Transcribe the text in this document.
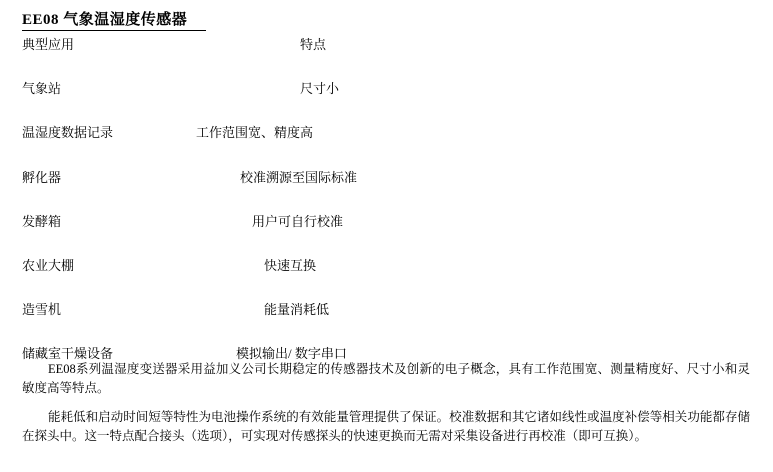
EE08 气象温湿度传感器
典型应用	特点
气象站	尺寸小
温湿度数据记录	工作范围宽、精度高
孵化器	校准溯源至国际标准
发酵箱	用户可自行校准
农业大棚	快速互换
造雪机	能量消耗低
储藏室干燥设备	模拟输出/ 数字串口
EE08系列温湿度变送器采用益加义公司长期稳定的传感器技术及创新的电子概念，具有工作范围宽、测量精度好、尺寸小和灵敏度高等特点。
能耗低和启动时间短等特性为电池操作系统的有效能量管理提供了保证。校准数据和其它诸如线性或温度补偿等相关功能都存储在探头中。这一特点配合接头（选项），可实现对传感探头的快速更换而无需对采集设备进行再校准（即可互换）。
